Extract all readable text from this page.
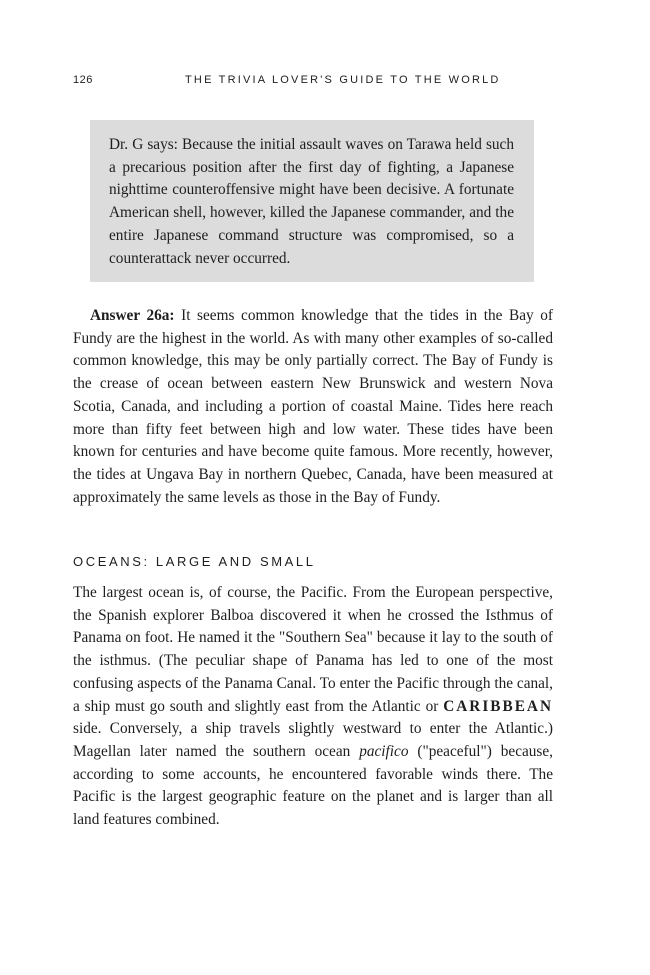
126	THE TRIVIA LOVER'S GUIDE TO THE WORLD

Dr. G says: Because the initial assault waves on Tarawa held such a precarious position after the first day of fighting, a Japanese nighttime counteroffensive might have been decisive. A fortunate American shell, however, killed the Japanese commander, and the entire Japanese command structure was compromised, so a counterattack never occurred.

Answer 26a: It seems common knowledge that the tides in the Bay of Fundy are the highest in the world. As with many other examples of so-called common knowledge, this may be only partially correct. The Bay of Fundy is the crease of ocean between eastern New Brunswick and western Nova Scotia, Canada, and including a portion of coastal Maine. Tides here reach more than fifty feet between high and low water. These tides have been known for centuries and have become quite famous. More recently, however, the tides at Ungava Bay in northern Quebec, Canada, have been measured at approximately the same levels as those in the Bay of Fundy.
OCEANS: LARGE AND SMALL
The largest ocean is, of course, the Pacific. From the European perspective, the Spanish explorer Balboa discovered it when he crossed the Isthmus of Panama on foot. He named it the "Southern Sea" because it lay to the south of the isthmus. (The peculiar shape of Panama has led to one of the most confusing aspects of the Panama Canal. To enter the Pacific through the canal, a ship must go south and slightly east from the Atlantic or CARIBBEAN side. Conversely, a ship travels slightly westward to enter the Atlantic.) Magellan later named the southern ocean pacifico ("peaceful") because, according to some accounts, he encountered favorable winds there. The Pacific is the largest geographic feature on the planet and is larger than all land features combined.
